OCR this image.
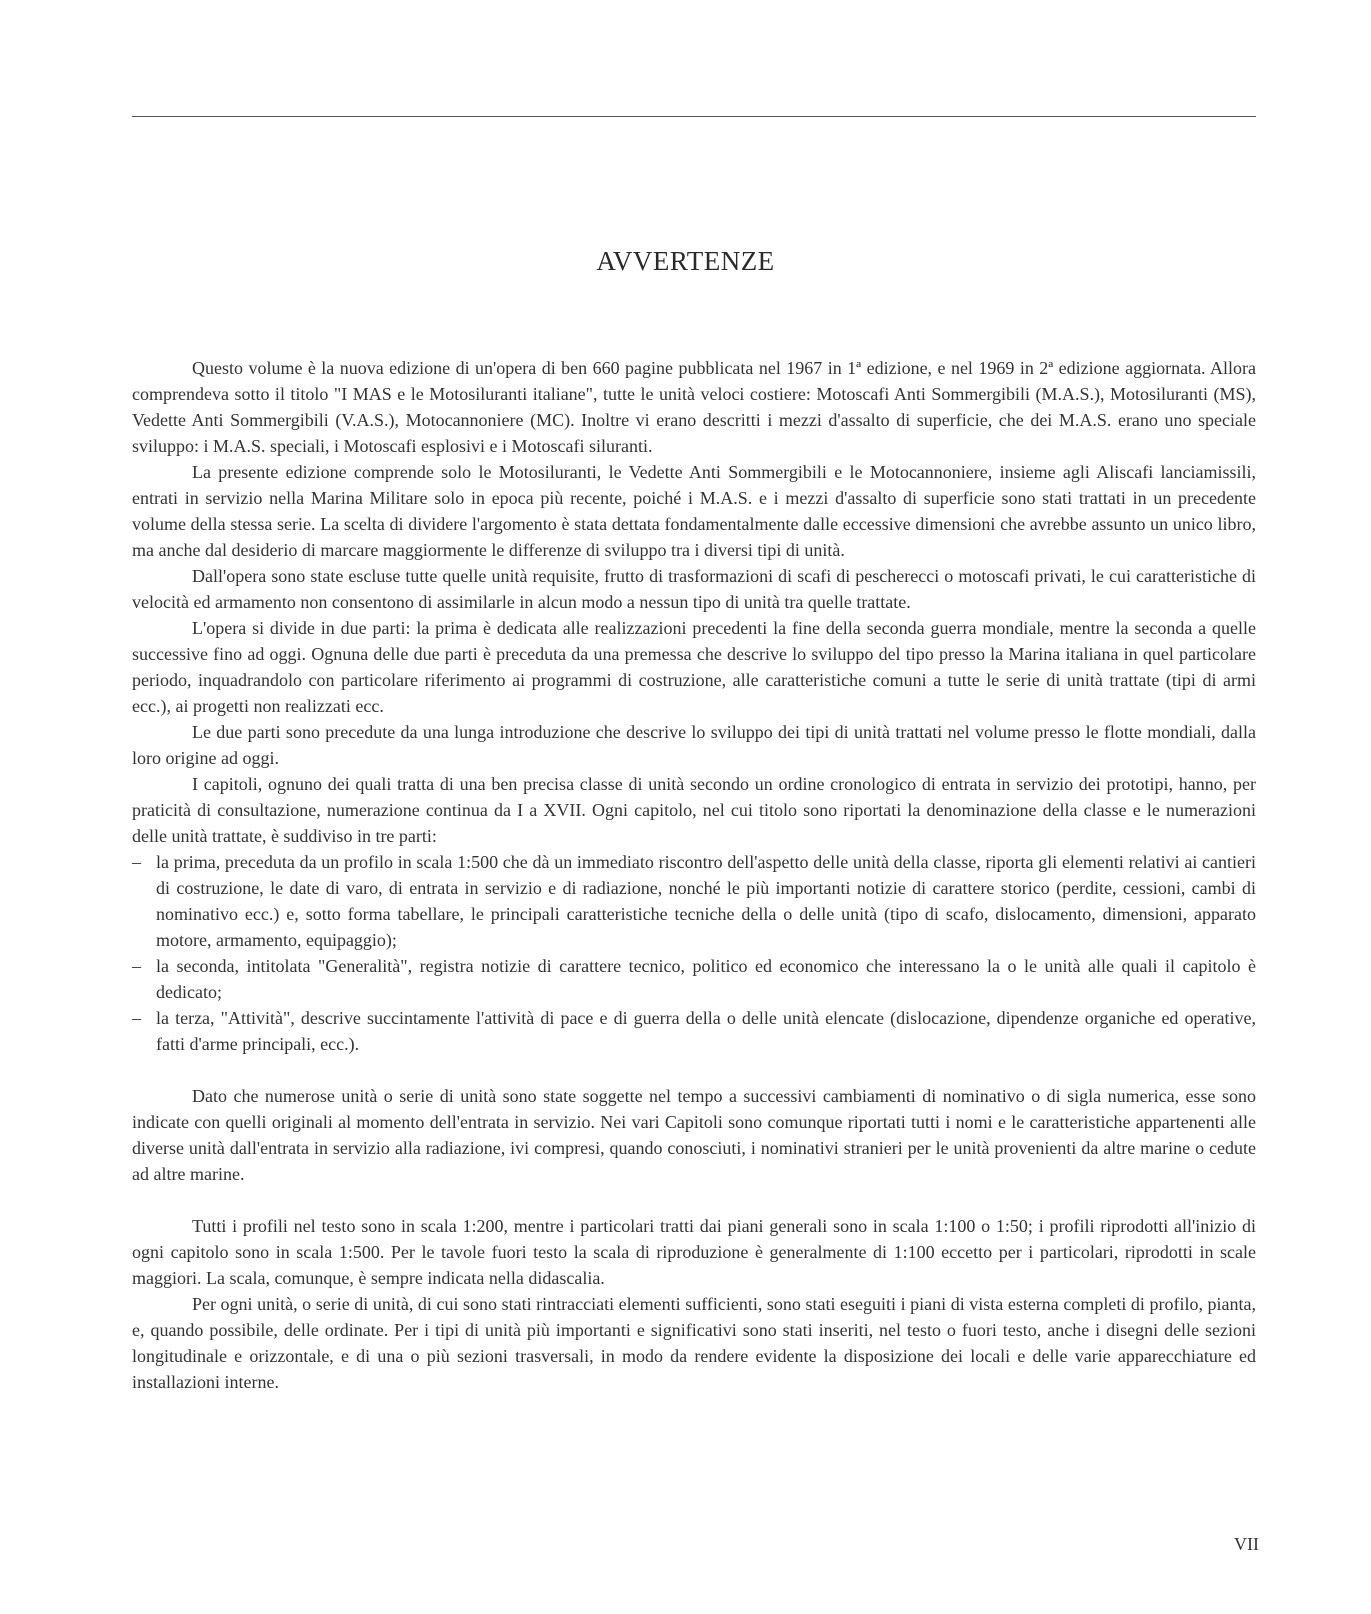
AVVERTENZE

Questo volume è la nuova edizione di un'opera di ben 660 pagine pubblicata nel 1967 in 1ª edizione, e nel 1969 in 2ª edizione aggiornata. Allora comprendeva sotto il titolo "I MAS e le Motosiluranti italiane", tutte le unità veloci costiere: Motoscafi Anti Sommergibili (M.A.S.), Motosiluranti (MS), Vedette Anti Sommergibili (V.A.S.), Motocannoniere (MC). Inoltre vi erano descritti i mezzi d'assalto di superficie, che dei M.A.S. erano uno speciale sviluppo: i M.A.S. speciali, i Motoscafi esplosivi e i Motoscafi siluranti.

La presente edizione comprende solo le Motosiluranti, le Vedette Anti Sommergibili e le Motocannoniere, insieme agli Aliscafi lanciamissili, entrati in servizio nella Marina Militare solo in epoca più recente, poiché i M.A.S. e i mezzi d'assalto di superficie sono stati trattati in un precedente volume della stessa serie. La scelta di dividere l'argomento è stata dettata fondamentalmente dalle eccessive dimensioni che avrebbe assunto un unico libro, ma anche dal desiderio di marcare maggiormente le differenze di sviluppo tra i diversi tipi di unità.

Dall'opera sono state escluse tutte quelle unità requisite, frutto di trasformazioni di scafi di pescherecci o motoscafi privati, le cui caratteristiche di velocità ed armamento non consentono di assimilarle in alcun modo a nessun tipo di unità tra quelle trattate.

L'opera si divide in due parti: la prima è dedicata alle realizzazioni precedenti la fine della seconda guerra mondiale, mentre la seconda a quelle successive fino ad oggi. Ognuna delle due parti è preceduta da una premessa che descrive lo sviluppo del tipo presso la Marina italiana in quel particolare periodo, inquadrandolo con particolare riferimento ai programmi di costruzione, alle caratteristiche comuni a tutte le serie di unità trattate (tipi di armi ecc.), ai progetti non realizzati ecc.

Le due parti sono precedute da una lunga introduzione che descrive lo sviluppo dei tipi di unità trattati nel volume presso le flotte mondiali, dalla loro origine ad oggi.

I capitoli, ognuno dei quali tratta di una ben precisa classe di unità secondo un ordine cronologico di entrata in servizio dei prototipi, hanno, per praticità di consultazione, numerazione continua da I a XVII. Ogni capitolo, nel cui titolo sono riportati la denominazione della classe e le numerazioni delle unità trattate, è suddiviso in tre parti:

– la prima, preceduta da un profilo in scala 1:500 che dà un immediato riscontro dell'aspetto delle unità della classe, riporta gli elementi relativi ai cantieri di costruzione, le date di varo, di entrata in servizio e di radiazione, nonché le più importanti notizie di carattere storico (perdite, cessioni, cambi di nominativo ecc.) e, sotto forma tabellare, le principali caratteristiche tecniche della o delle unità (tipo di scafo, dislocamento, dimensioni, apparato motore, armamento, equipaggio);
– la seconda, intitolata "Generalità", registra notizie di carattere tecnico, politico ed economico che interessano la o le unità alle quali il capitolo è dedicato;
– la terza, "Attività", descrive succintamente l'attività di pace e di guerra della o delle unità elencate (dislocazione, dipendenze organiche ed operative, fatti d'arme principali, ecc.).

Dato che numerose unità o serie di unità sono state soggette nel tempo a successivi cambiamenti di nominativo o di sigla numerica, esse sono indicate con quelli originali al momento dell'entrata in servizio. Nei vari Capitoli sono comunque riportati tutti i nomi e le caratteristiche appartenenti alle diverse unità dall'entrata in servizio alla radiazione, ivi compresi, quando conosciuti, i nominativi stranieri per le unità provenienti da altre marine o cedute ad altre marine.

Tutti i profili nel testo sono in scala 1:200, mentre i particolari tratti dai piani generali sono in scala 1:100 o 1:50; i profili riprodotti all'inizio di ogni capitolo sono in scala 1:500. Per le tavole fuori testo la scala di riproduzione è generalmente di 1:100 eccetto per i particolari, riprodotti in scale maggiori. La scala, comunque, è sempre indicata nella didascalia.

Per ogni unità, o serie di unità, di cui sono stati rintracciati elementi sufficienti, sono stati eseguiti i piani di vista esterna completi di profilo, pianta, e, quando possibile, delle ordinate. Per i tipi di unità più importanti e significativi sono stati inseriti, nel testo o fuori testo, anche i disegni delle sezioni longitudinale e orizzontale, e di una o più sezioni trasversali, in modo da rendere evidente la disposizione dei locali e delle varie apparecchiature ed installazioni interne.

VII
